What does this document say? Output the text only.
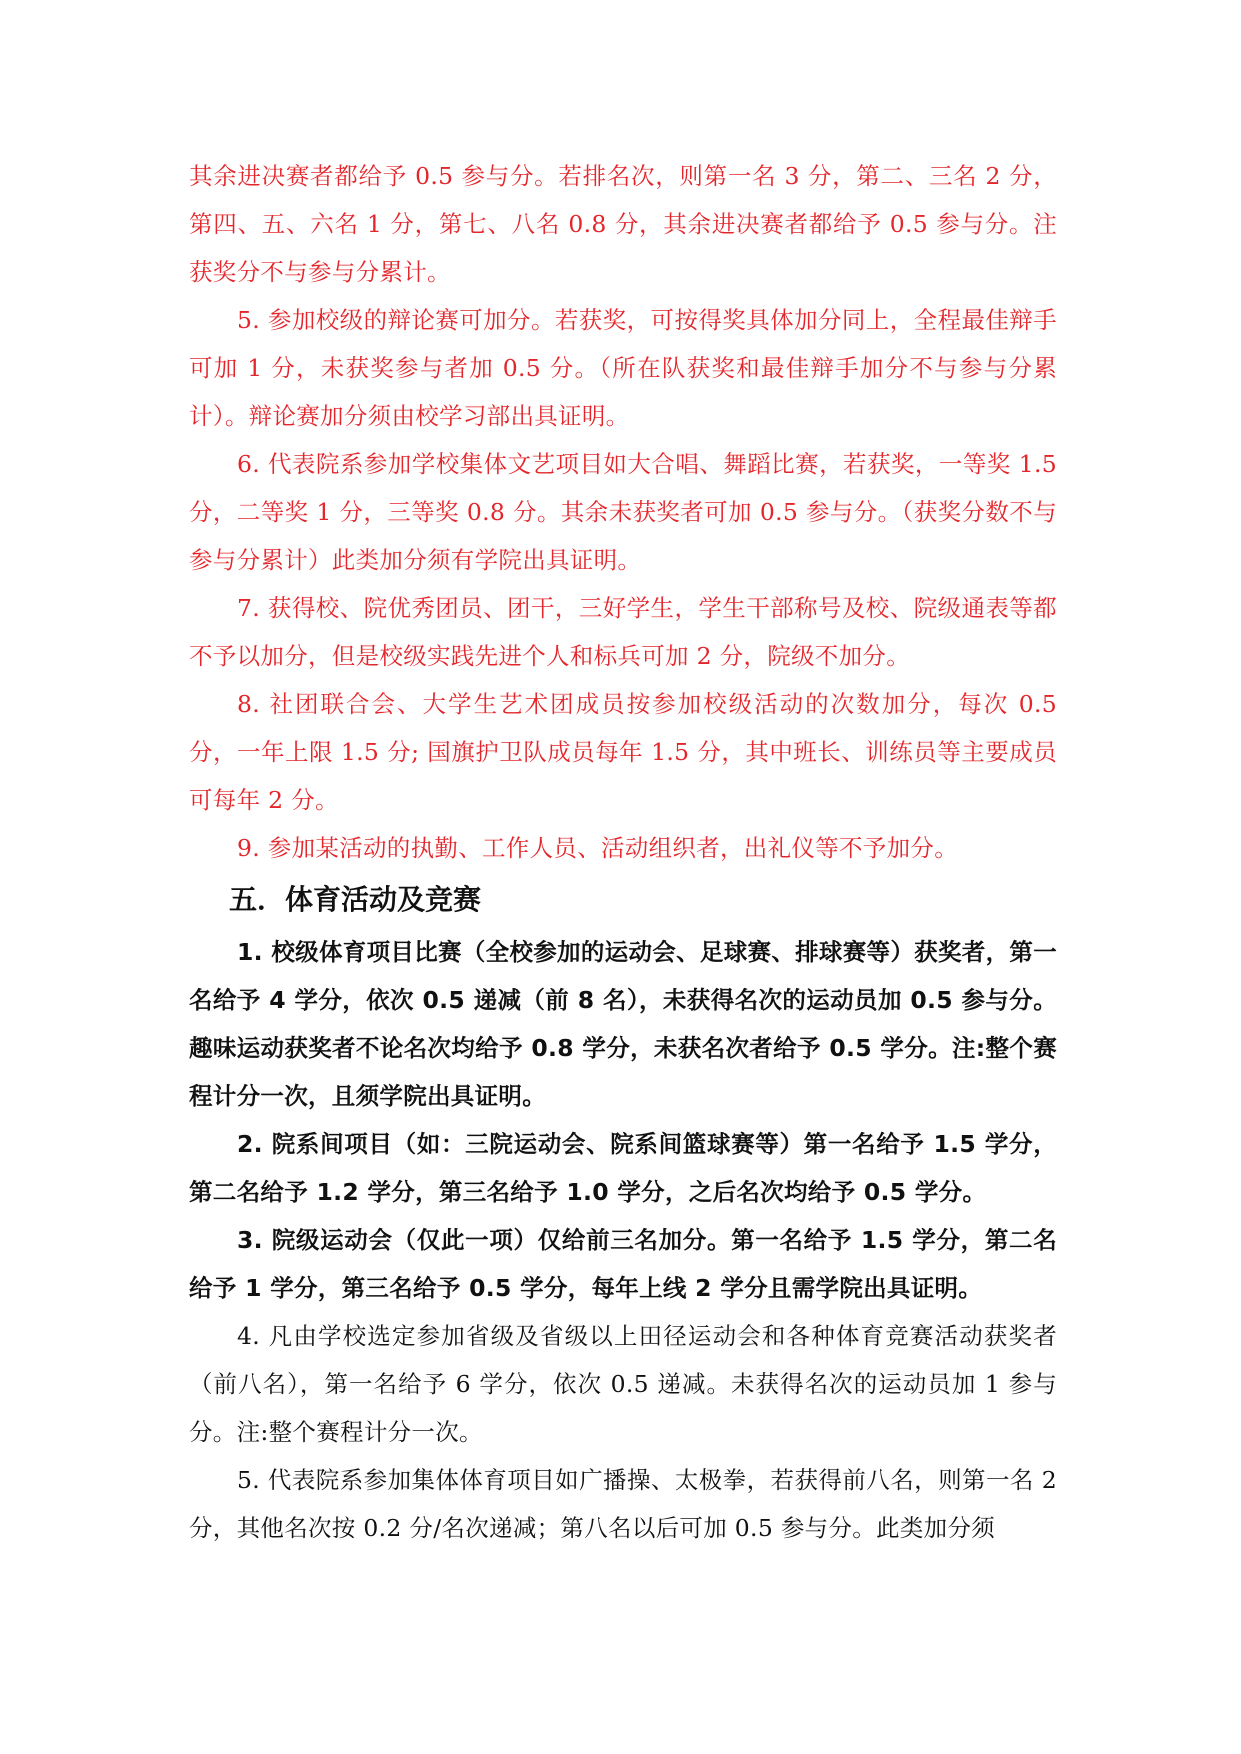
其余进决赛者都给予 0.5 参与分。若排名次，则第一名 3 分，第二、三名 2 分，第四、五、六名 1 分，第七、八名 0.8 分，其余进决赛者都给予 0.5 参与分。注获奖分不与参与分累计。

5. 参加校级的辩论赛可加分。若获奖，可按得奖具体加分同上，全程最佳辩手可加 1 分，未获奖参与者加 0.5 分。（所在队获奖和最佳辩手加分不与参与分累计）。辩论赛加分须由校学习部出具证明。

6. 代表院系参加学校集体文艺项目如大合唱、舞蹈比赛，若获奖，一等奖 1.5 分，二等奖 1 分，三等奖 0.8 分。其余未获奖者可加 0.5 参与分。（获奖分数不与参与分累计）此类加分须有学院出具证明。

7. 获得校、院优秀团员、团干，三好学生，学生干部称号及校、院级通表等都不予以加分，但是校级实践先进个人和标兵可加 2 分，院级不加分。

8. 社团联合会、大学生艺术团成员按参加校级活动的次数加分，每次 0.5 分，一年上限 1.5 分; 国旗护卫队成员每年 1.5 分，其中班长、训练员等主要成员可每年 2 分。

9. 参加某活动的执勤、工作人员、活动组织者，出礼仪等不予加分。

五．体育活动及竞赛

1. 校级体育项目比赛（全校参加的运动会、足球赛、排球赛等）获奖者，第一名给予 4 学分，依次 0.5 递减（前 8 名），未获得名次的运动员加 0.5 参与分。趣味运动获奖者不论名次均给予 0.8 学分，未获名次者给予 0.5 学分。注:整个赛程计分一次，且须学院出具证明。

2. 院系间项目（如：三院运动会、院系间篮球赛等）第一名给予 1.5 学分，第二名给予 1.2 学分，第三名给予 1.0 学分，之后名次均给予 0.5 学分。

3. 院级运动会（仅此一项）仅给前三名加分。第一名给予 1.5 学分，第二名给予 1 学分，第三名给予 0.5 学分，每年上线 2 学分且需学院出具证明。

4. 凡由学校选定参加省级及省级以上田径运动会和各种体育竞赛活动获奖者（前八名），第一名给予 6 学分，依次 0.5 递减。未获得名次的运动员加 1 参与分。注:整个赛程计分一次。

5. 代表院系参加集体体育项目如广播操、太极拳，若获得前八名，则第一名 2 分，其他名次按 0.2 分/名次递减；第八名以后可加 0.5 参与分。此类加分须
